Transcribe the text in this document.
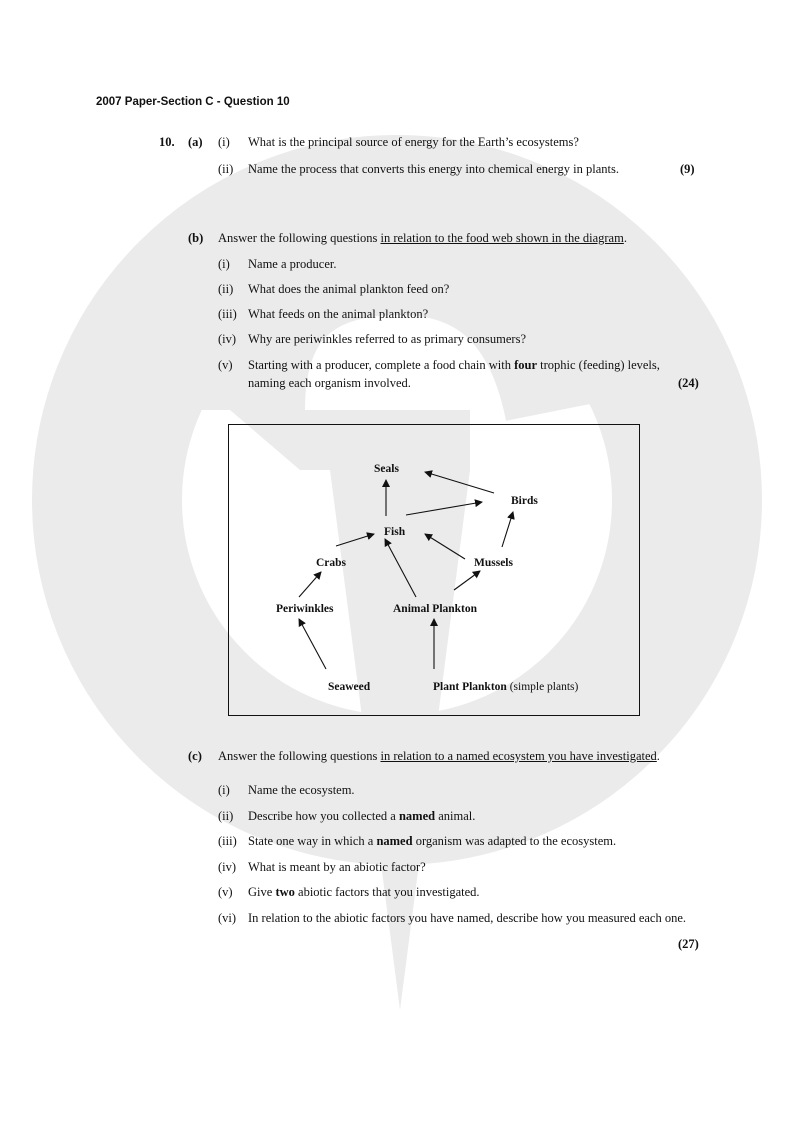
2007 Paper-Section C - Question 10
10. (a) (i) What is the principal source of energy for the Earth’s ecosystems?
(ii) Name the process that converts this energy into chemical energy in plants.	(9)
(b) Answer the following questions in relation to the food web shown in the diagram.
(i) Name a producer.
(ii) What does the animal plankton feed on?
(iii) What feeds on the animal plankton?
(iv) Why are periwinkles referred to as primary consumers?
(v) Starting with a producer, complete a food chain with four trophic (feeding) levels,
naming each organism involved.	(24)
Seals
Birds
Fish
Crabs	Mussels
Periwinkles	Animal Plankton
Seaweed	Plant Plankton (simple plants)
(c) Answer the following questions in relation to a named ecosystem you have investigated.
(i) Name the ecosystem.
(ii) Describe how you collected a named animal.
(iii) State one way in which a named organism was adapted to the ecosystem.
(iv) What is meant by an abiotic factor?
(v) Give two abiotic factors that you investigated.
(vi) In relation to the abiotic factors you have named, describe how you measured each one.
(27)
